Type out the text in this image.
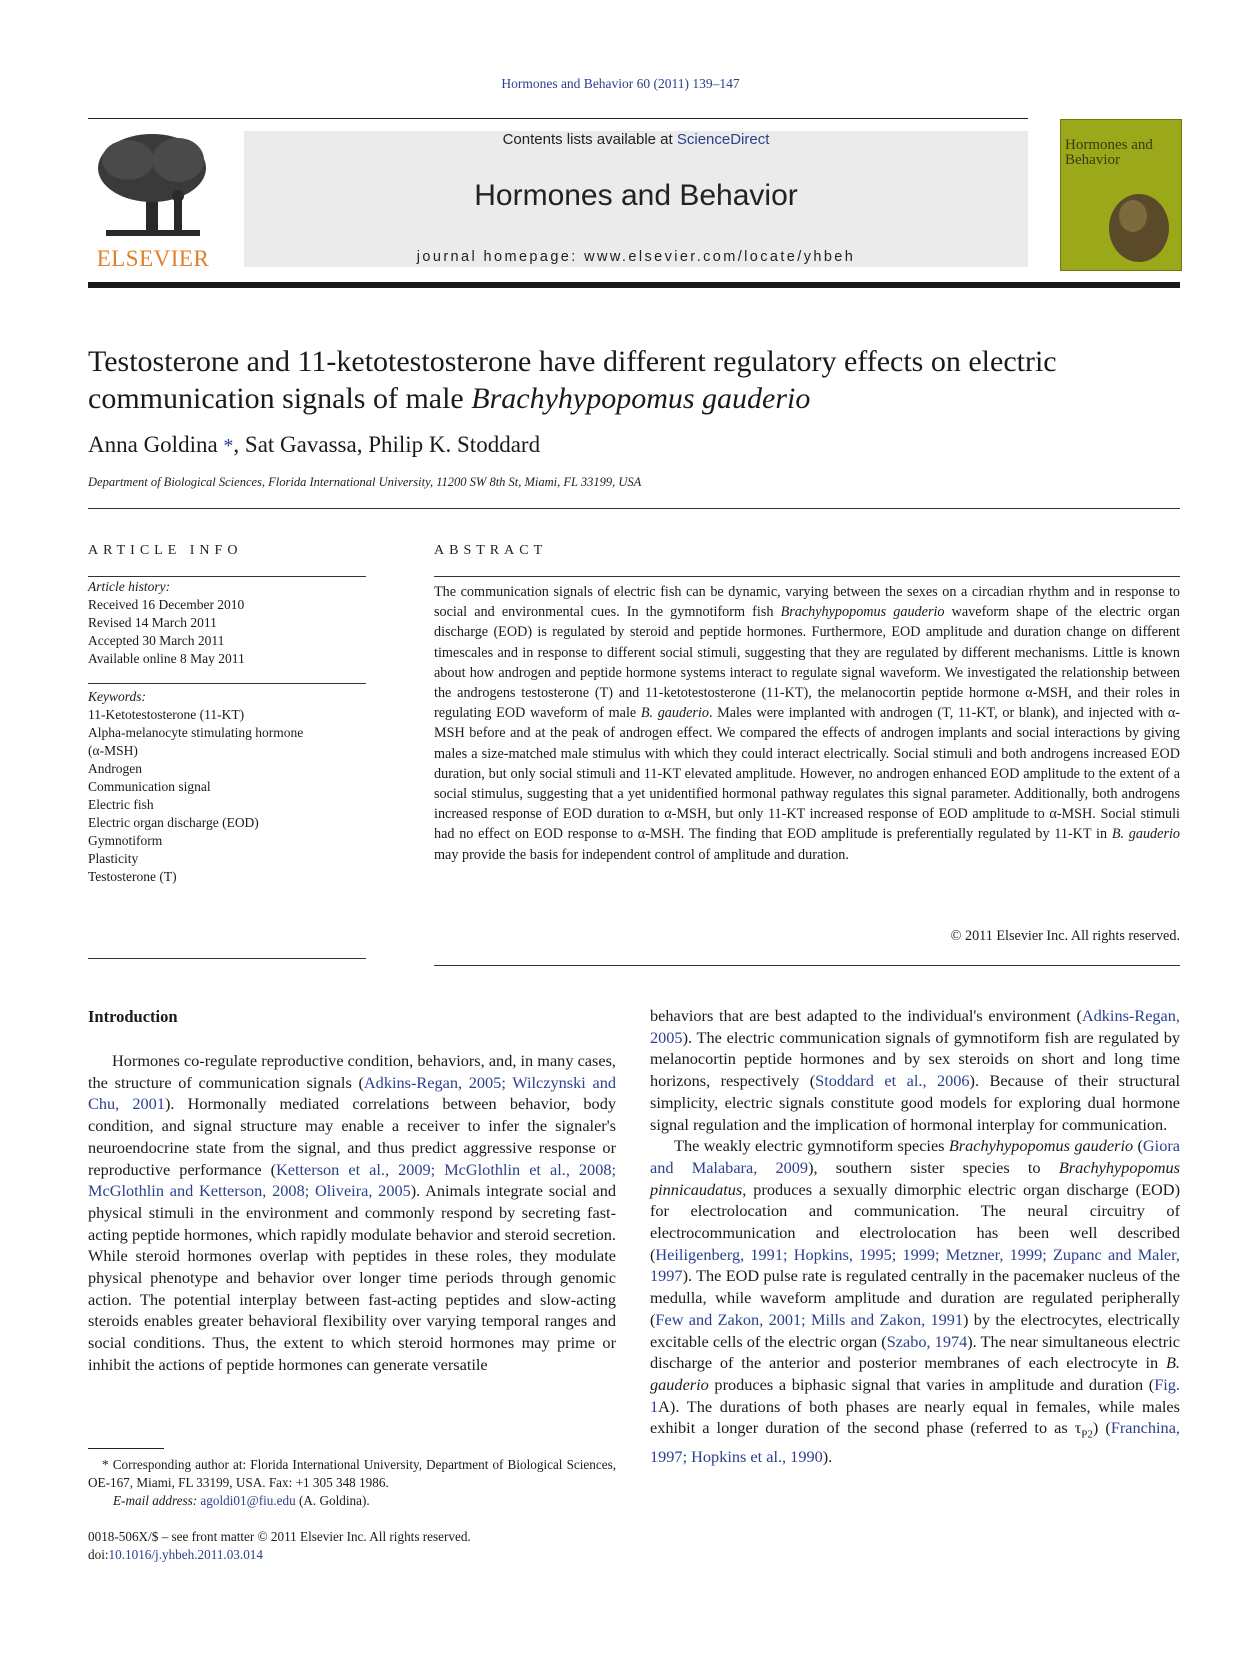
Hormones and Behavior 60 (2011) 139–147
ELSEVIER
Contents lists available at ScienceDirect
Hormones and Behavior
journal homepage: www.elsevier.com/locate/yhbeh
Hormones and Behavior
Testosterone and 11-ketotestosterone have different regulatory effects on electric
communication signals of male Brachyhypopomus gauderio
Anna Goldina *, Sat Gavassa, Philip K. Stoddard
Department of Biological Sciences, Florida International University, 11200 SW 8th St, Miami, FL 33199, USA
ARTICLE INFO
Article history:
Received 16 December 2010
Revised 14 March 2011
Accepted 30 March 2011
Available online 8 May 2011
Keywords:
11-Ketotestosterone (11-KT)
Alpha-melanocyte stimulating hormone
(α-MSH)
Androgen
Communication signal
Electric fish
Electric organ discharge (EOD)
Gymnotiform
Plasticity
Testosterone (T)
ABSTRACT
The communication signals of electric fish can be dynamic, varying between the sexes on a circadian rhythm and in response to social and environmental cues. In the gymnotiform fish Brachyhypopomus gauderio waveform shape of the electric organ discharge (EOD) is regulated by steroid and peptide hormones. Furthermore, EOD amplitude and duration change on different timescales and in response to different social stimuli, suggesting that they are regulated by different mechanisms. Little is known about how androgen and peptide hormone systems interact to regulate signal waveform. We investigated the relationship between the androgens testosterone (T) and 11-ketotestosterone (11-KT), the melanocortin peptide hormone α-MSH, and their roles in regulating EOD waveform of male B. gauderio. Males were implanted with androgen (T, 11-KT, or blank), and injected with α-MSH before and at the peak of androgen effect. We compared the effects of androgen implants and social interactions by giving males a size-matched male stimulus with which they could interact electrically. Social stimuli and both androgens increased EOD duration, but only social stimuli and 11-KT elevated amplitude. However, no androgen enhanced EOD amplitude to the extent of a social stimulus, suggesting that a yet unidentified hormonal pathway regulates this signal parameter. Additionally, both androgens increased response of EOD duration to α-MSH, but only 11-KT increased response of EOD amplitude to α-MSH. Social stimuli had no effect on EOD response to α-MSH. The finding that EOD amplitude is preferentially regulated by 11-KT in B. gauderio may provide the basis for independent control of amplitude and duration.
© 2011 Elsevier Inc. All rights reserved.
Introduction

Hormones co-regulate reproductive condition, behaviors, and, in many cases, the structure of communication signals (Adkins-Regan, 2005; Wilczynski and Chu, 2001). Hormonally mediated correlations between behavior, body condition, and signal structure may enable a receiver to infer the signaler's neuroendocrine state from the signal, and thus predict aggressive response or reproductive performance (Ketterson et al., 2009; McGlothlin et al., 2008; McGlothlin and Ketterson, 2008; Oliveira, 2005). Animals integrate social and physical stimuli in the environment and commonly respond by secreting fast-acting peptide hormones, which rapidly modulate behavior and steroid secretion. While steroid hormones overlap with peptides in these roles, they modulate physical phenotype and behavior over longer time periods through genomic action. The potential interplay between fast-acting peptides and slow-acting steroids enables greater behavioral flexibility over varying temporal ranges and social conditions. Thus, the extent to which steroid hormones may prime or inhibit the actions of peptide hormones can generate versatile

* Corresponding author at: Florida International University, Department of Biological Sciences, OE-167, Miami, FL 33199, USA. Fax: +1 305 348 1986.
E-mail address: agoldi01@fiu.edu (A. Goldina).
0018-506X/$ – see front matter © 2011 Elsevier Inc. All rights reserved.
doi:10.1016/j.yhbeh.2011.03.014

behaviors that are best adapted to the individual's environment (Adkins-Regan, 2005). The electric communication signals of gymnotiform fish are regulated by melanocortin peptide hormones and by sex steroids on short and long time horizons, respectively (Stoddard et al., 2006). Because of their structural simplicity, electric signals constitute good models for exploring dual hormone signal regulation and the implication of hormonal interplay for communication.

The weakly electric gymnotiform species Brachyhypopomus gauderio (Giora and Malabara, 2009), southern sister species to Brachyhypopomus pinnicaudatus, produces a sexually dimorphic electric organ discharge (EOD) for electrolocation and communication. The neural circuitry of electrocommunication and electrolocation has been well described (Heiligenberg, 1991; Hopkins, 1995; 1999; Metzner, 1999; Zupanc and Maler, 1997). The EOD pulse rate is regulated centrally in the pacemaker nucleus of the medulla, while waveform amplitude and duration are regulated peripherally (Few and Zakon, 2001; Mills and Zakon, 1991) by the electrocytes, electrically excitable cells of the electric organ (Szabo, 1974). The near simultaneous electric discharge of the anterior and posterior membranes of each electrocyte in B. gauderio produces a biphasic signal that varies in amplitude and duration (Fig. 1A). The durations of both phases are nearly equal in females, while males exhibit a longer duration of the second phase (referred to as $\tau_{P2}$) (Franchina, 1997; Hopkins et al., 1990).
